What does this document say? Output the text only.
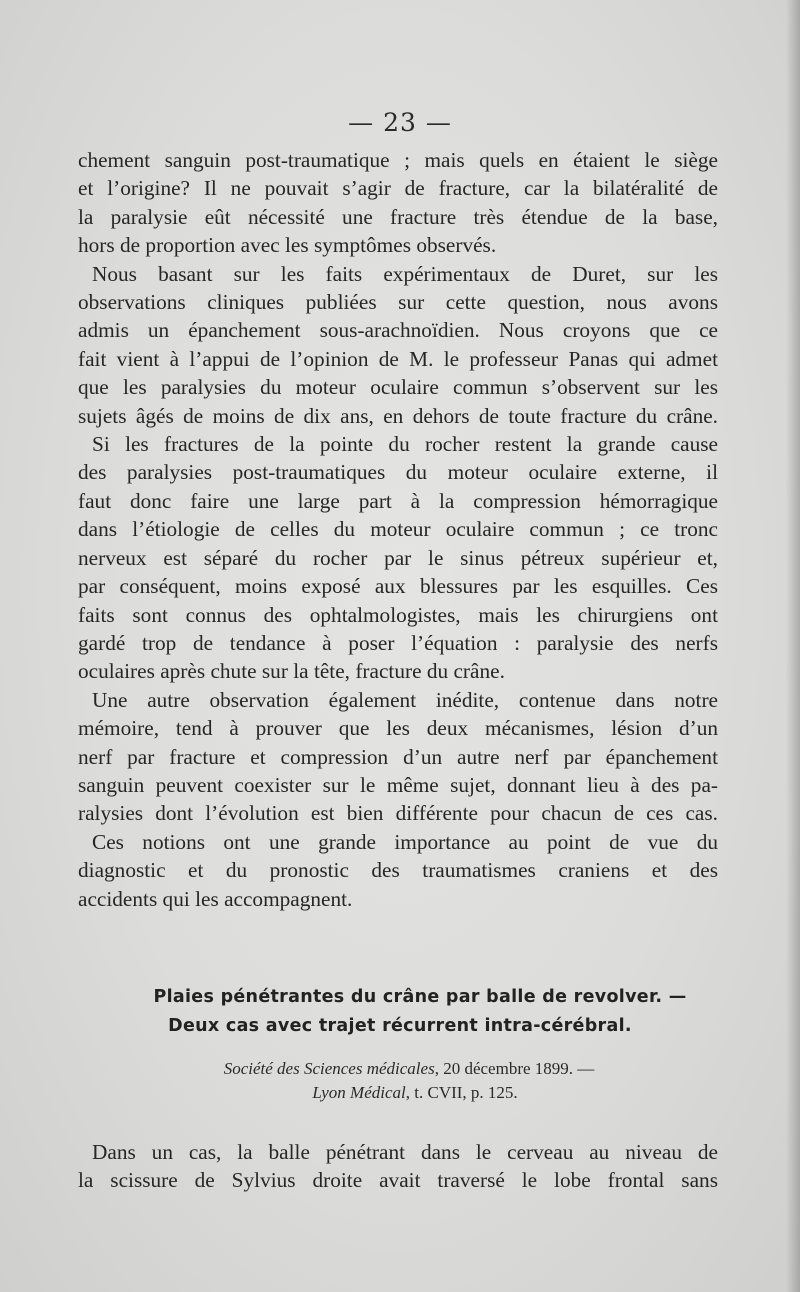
— 23 —

chement sanguin post-traumatique ; mais quels en étaient le siège
et l’origine? Il ne pouvait s’agir de fracture, car la bilatéralité de
la paralysie eût nécessité une fracture très étendue de la base,
hors de proportion avec les symptômes observés.

Nous basant sur les faits expérimentaux de Duret, sur les
observations cliniques publiées sur cette question, nous avons
admis un épanchement sous-arachnoïdien. Nous croyons que ce
fait vient à l’appui de l’opinion de M. le professeur Panas qui admet
que les paralysies du moteur oculaire commun s’observent sur les
sujets âgés de moins de dix ans, en dehors de toute fracture du crâne.

Si les fractures de la pointe du rocher restent la grande cause
des paralysies post-traumatiques du moteur oculaire externe, il
faut donc faire une large part à la compression hémorragique
dans l’étiologie de celles du moteur oculaire commun ; ce tronc
nerveux est séparé du rocher par le sinus pétreux supérieur et,
par conséquent, moins exposé aux blessures par les esquilles. Ces
faits sont connus des ophtalmologistes, mais les chirurgiens ont
gardé trop de tendance à poser l’équation : paralysie des nerfs
oculaires après chute sur la tête, fracture du crâne.

Une autre observation également inédite, contenue dans notre
mémoire, tend à prouver que les deux mécanismes, lésion d’un
nerf par fracture et compression d’un autre nerf par épanchement
sanguin peuvent coexister sur le même sujet, donnant lieu à des pa-
ralysies dont l’évolution est bien différente pour chacun de ces cas.

Ces notions ont une grande importance au point de vue du
diagnostic et du pronostic des traumatismes craniens et des
accidents qui les accompagnent.

Plaies pénétrantes du crâne par balle de revolver. —
Deux cas avec trajet récurrent intra-cérébral.
Société des Sciences médicales, 20 décembre 1899. —
Lyon Médical, t. CVII, p. 125.
Dans un cas, la balle pénétrant dans le cerveau au niveau de
la scissure de Sylvius droite avait traversé le lobe frontal sans
